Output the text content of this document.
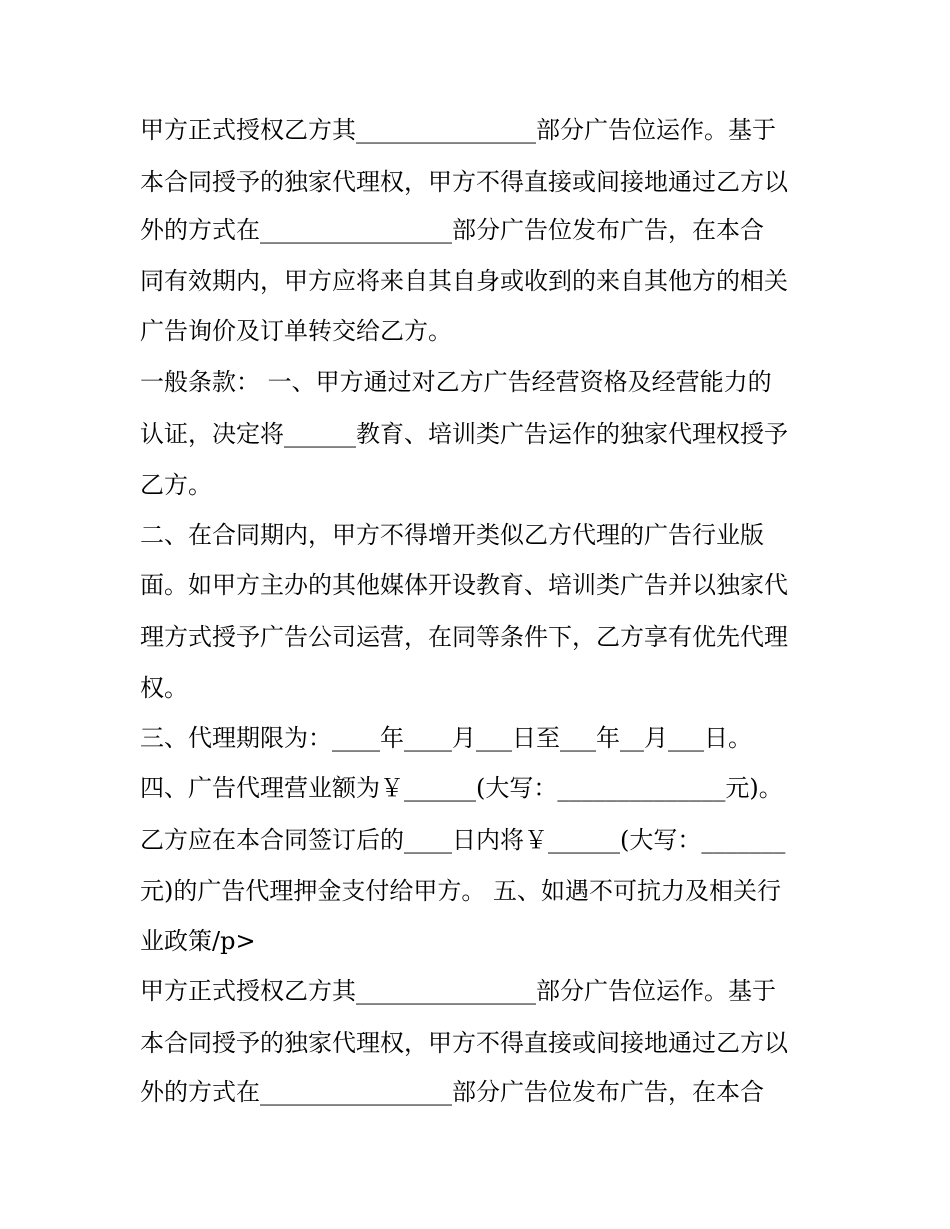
甲方正式授权乙方其_______________部分广告位运作。基于
本合同授予的独家代理权，甲方不得直接或间接地通过乙方以
外的方式在________________部分广告位发布广告，在本合
同有效期内，甲方应将来自其自身或收到的来自其他方的相关
广告询价及订单转交给乙方。
一般条款： 一、甲方通过对乙方广告经营资格及经营能力的
认证，决定将______教育、培训类广告运作的独家代理权授予
乙方。
二、在合同期内，甲方不得增开类似乙方代理的广告行业版
面。如甲方主办的其他媒体开设教育、培训类广告并以独家代
理方式授予广告公司运营，在同等条件下，乙方享有优先代理
权。
三、代理期限为：____年____月___日至___年__月___日。
四、广告代理营业额为￥______(大写：______________元)。
乙方应在本合同签订后的____日内将￥______(大写：_______
元)的广告代理押金支付给甲方。 五、如遇不可抗力及相关行
业政策/p>
甲方正式授权乙方其_______________部分广告位运作。基于
本合同授予的独家代理权，甲方不得直接或间接地通过乙方以
外的方式在________________部分广告位发布广告，在本合
